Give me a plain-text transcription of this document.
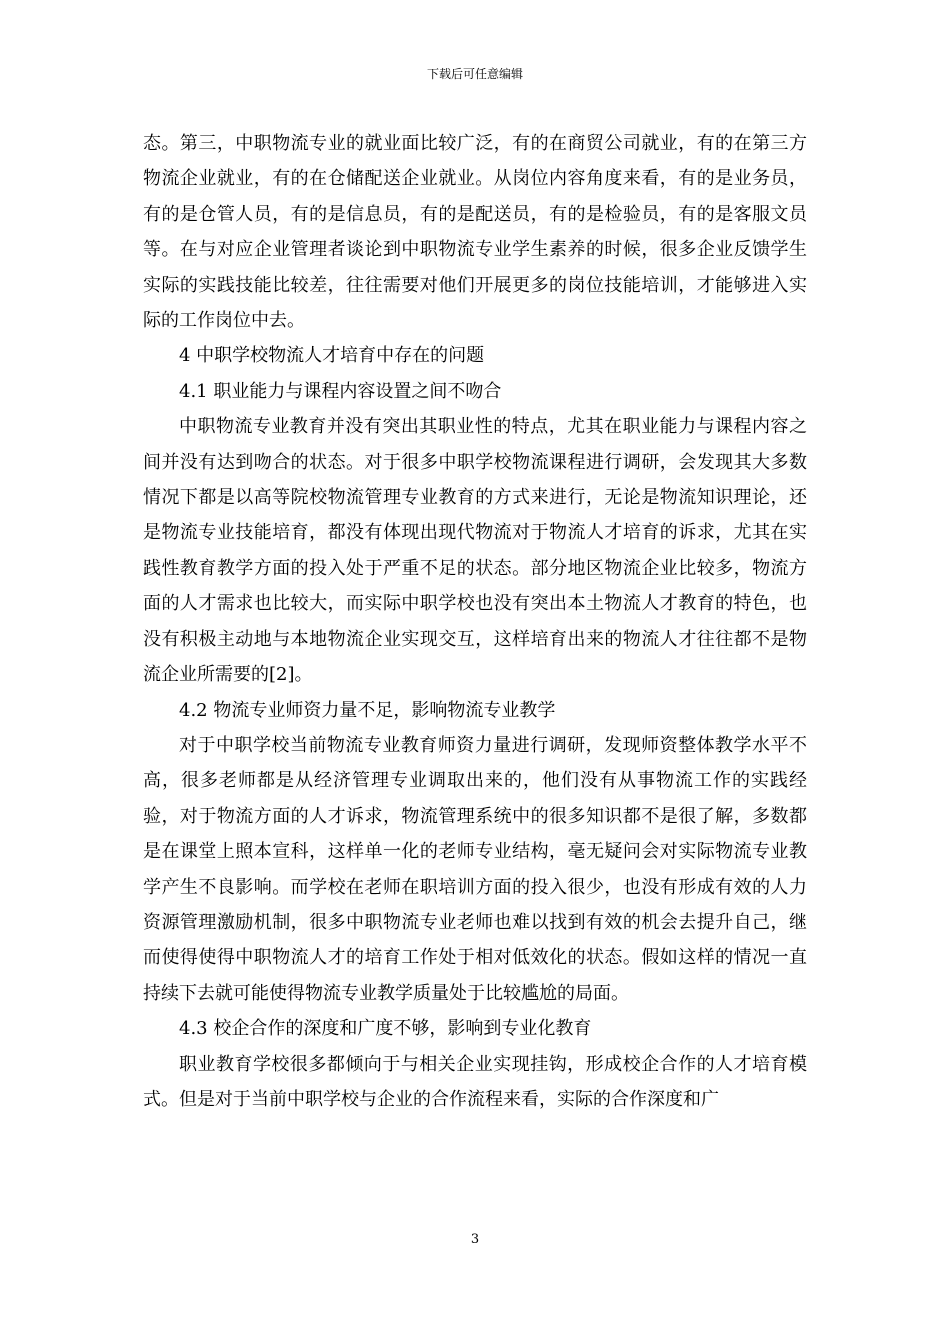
下载后可任意编辑

态。第三，中职物流专业的就业面比较广泛，有的在商贸公司就业，有的在第三方物流企业就业，有的在仓储配送企业就业。从岗位内容角度来看，有的是业务员，有的是仓管人员，有的是信息员，有的是配送员，有的是检验员，有的是客服文员等。在与对应企业管理者谈论到中职物流专业学生素养的时候，很多企业反馈学生实际的实践技能比较差，往往需要对他们开展更多的岗位技能培训，才能够进入实际的工作岗位中去。

4 中职学校物流人才培育中存在的问题

4.1 职业能力与课程内容设置之间不吻合

中职物流专业教育并没有突出其职业性的特点，尤其在职业能力与课程内容之间并没有达到吻合的状态。对于很多中职学校物流课程进行调研，会发现其大多数情况下都是以高等院校物流管理专业教育的方式来进行，无论是物流知识理论，还是物流专业技能培育，都没有体现出现代物流对于物流人才培育的诉求，尤其在实践性教育教学方面的投入处于严重不足的状态。部分地区物流企业比较多，物流方面的人才需求也比较大，而实际中职学校也没有突出本土物流人才教育的特色，也没有积极主动地与本地物流企业实现交互，这样培育出来的物流人才往往都不是物流企业所需要的[2]。

4.2 物流专业师资力量不足，影响物流专业教学

对于中职学校当前物流专业教育师资力量进行调研，发现师资整体教学水平不高，很多老师都是从经济管理专业调取出来的，他们没有从事物流工作的实践经验，对于物流方面的人才诉求，物流管理系统中的很多知识都不是很了解，多数都是在课堂上照本宣科，这样单一化的老师专业结构，毫无疑问会对实际物流专业教学产生不良影响。而学校在老师在职培训方面的投入很少，也没有形成有效的人力资源管理激励机制，很多中职物流专业老师也难以找到有效的机会去提升自己，继而使得使得中职物流人才的培育工作处于相对低效化的状态。假如这样的情况一直持续下去就可能使得物流专业教学质量处于比较尴尬的局面。

4.3 校企合作的深度和广度不够，影响到专业化教育

职业教育学校很多都倾向于与相关企业实现挂钩，形成校企合作的人才培育模式。但是对于当前中职学校与企业的合作流程来看，实际的合作深度和广

3
